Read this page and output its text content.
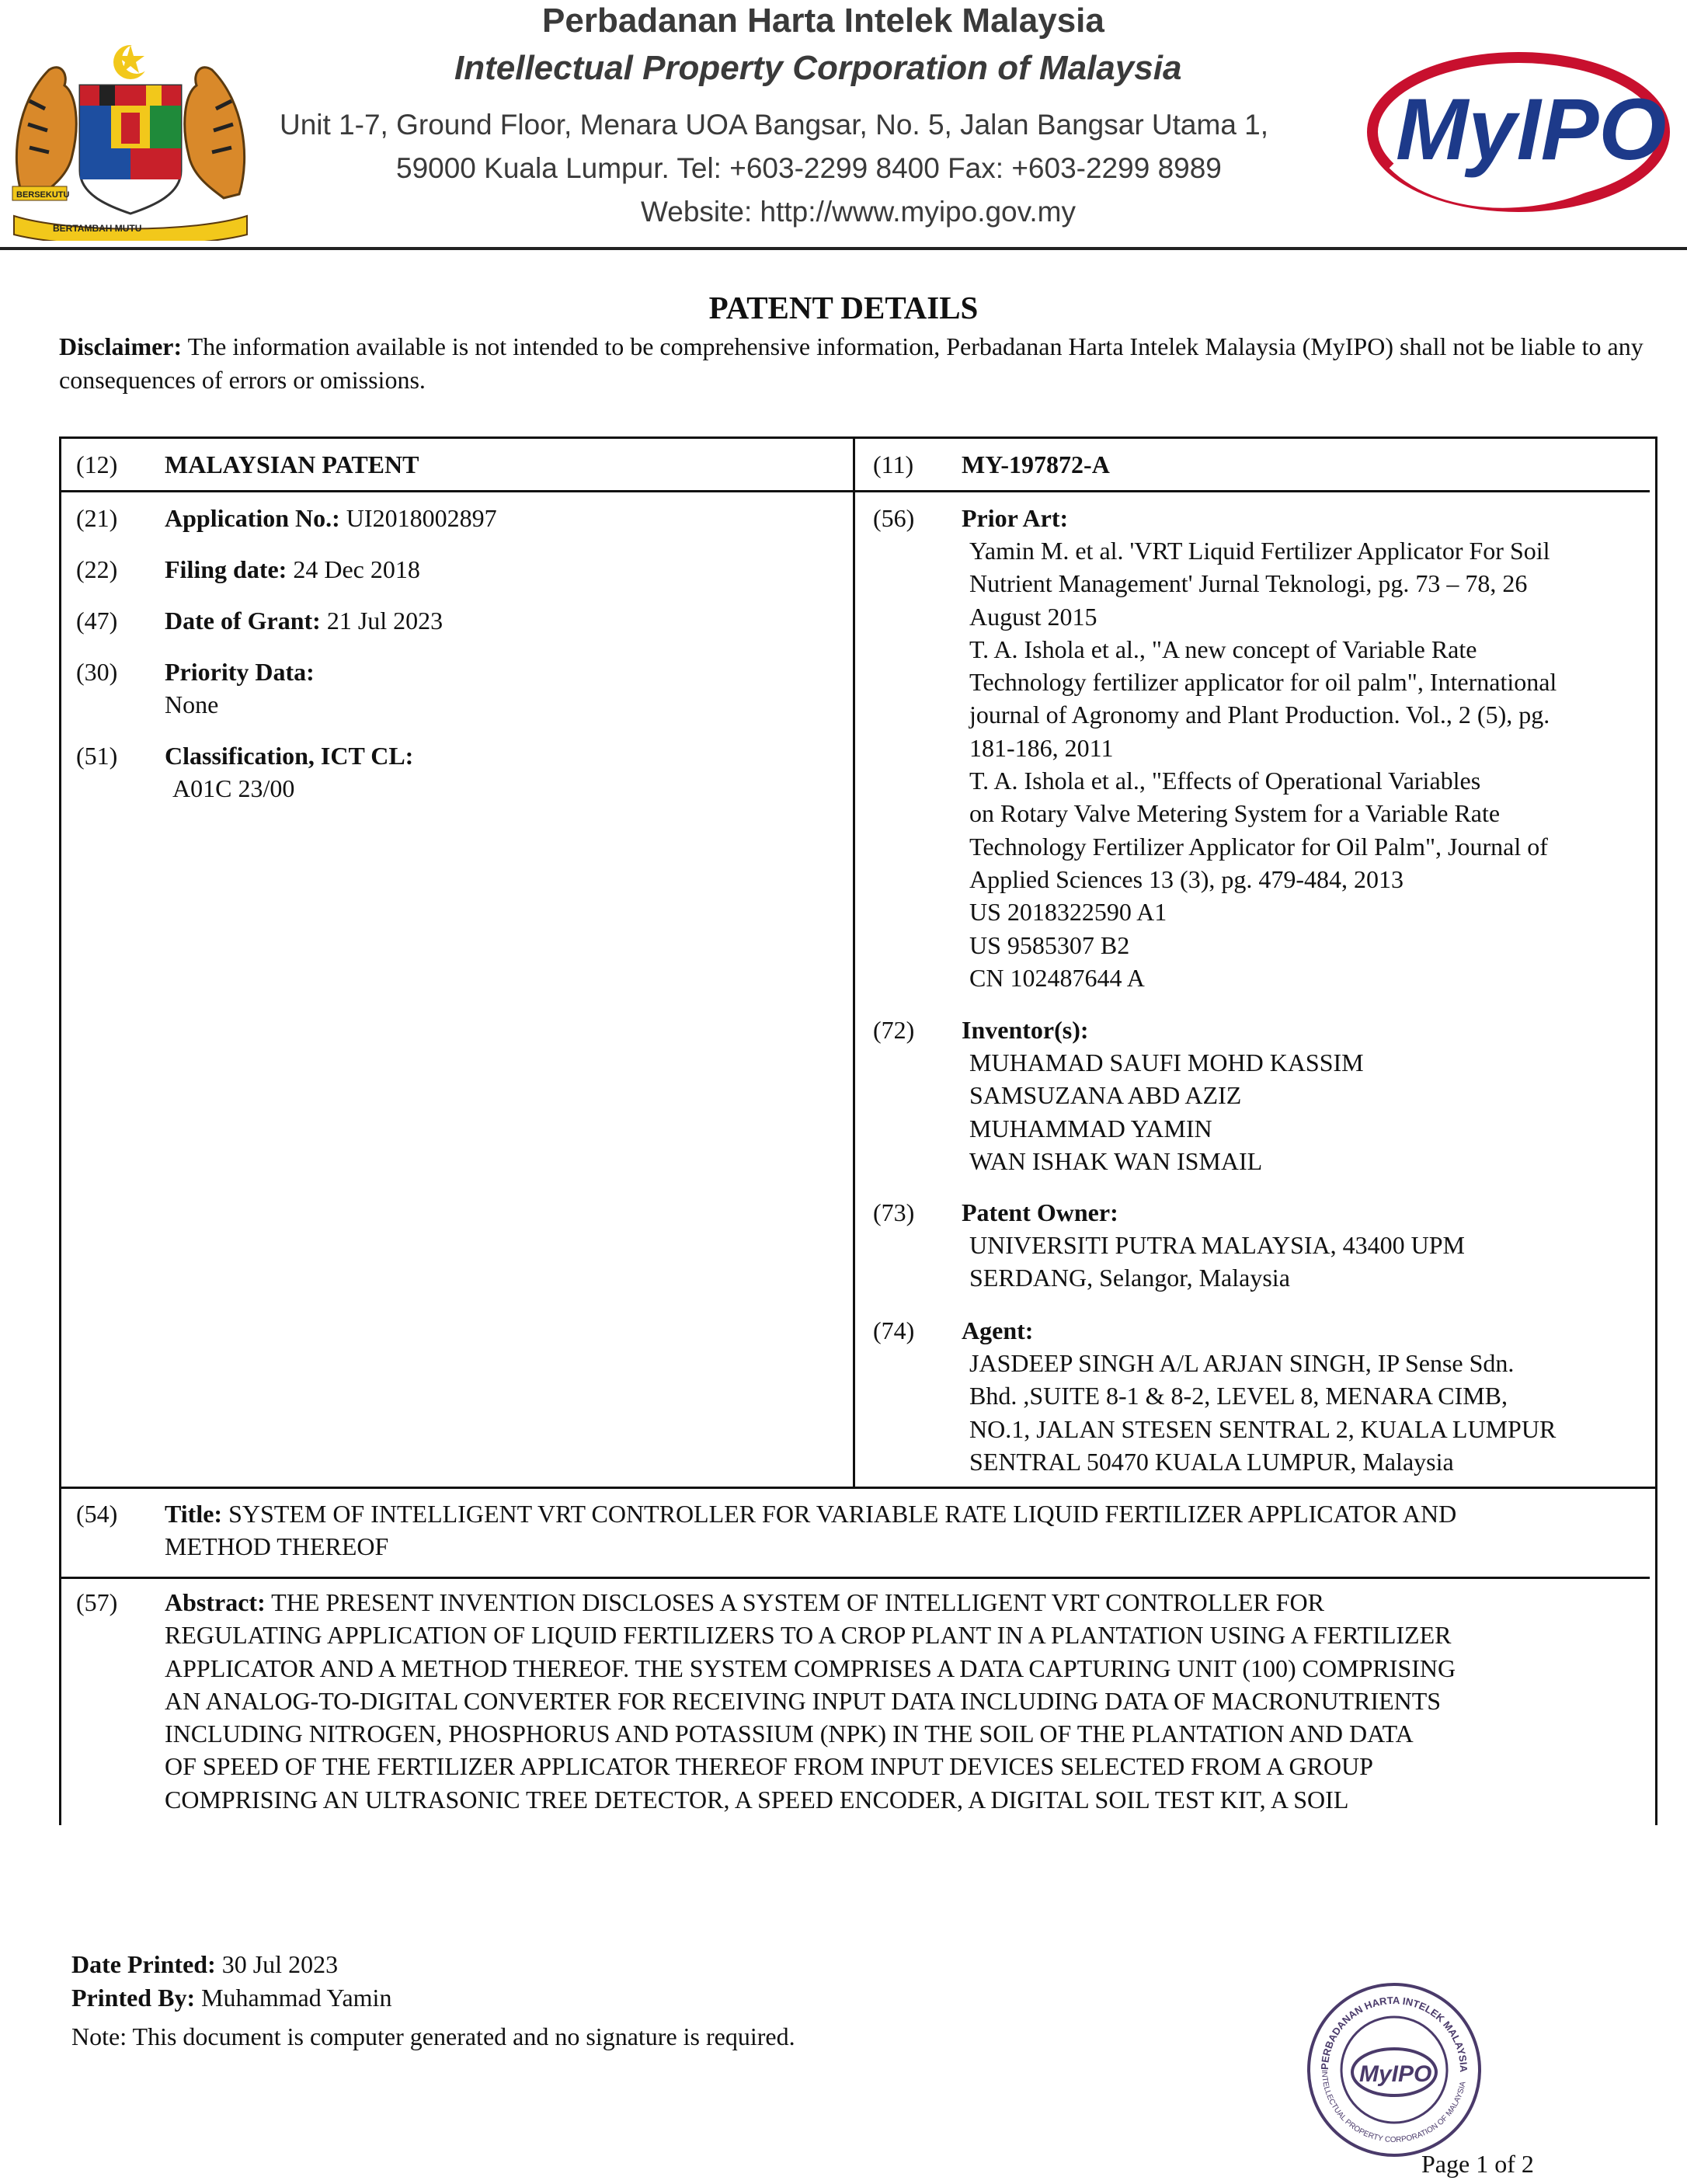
BERTAMBAH MUTU
BERSEKUTU
Perbadanan Harta Intelek Malaysia
Intellectual Property Corporation of Malaysia
Unit 1-7, Ground Floor, Menara UOA Bangsar, No. 5, Jalan Bangsar Utama 1,
59000 Kuala Lumpur. Tel: +603-2299 8400 Fax: +603-2299 8989
Website: http://www.myipo.gov.my
MyIPO
PATENT DETAILS
Disclaimer: The information available is not intended to be comprehensive information, Perbadanan Harta Intelek Malaysia (MyIPO) shall not be liable to any consequences of errors or omissions.
(12) MALAYSIAN PATENT	(11) MY-197872-A
(21) Application No.: UI2018002897
(22) Filing date: 24 Dec 2018
(47) Date of Grant: 21 Jul 2023
(30) Priority Data:
None
(51) Classification, ICT CL:
A01C 23/00
(56) Prior Art:
Yamin M. et al. 'VRT Liquid Fertilizer Applicator For Soil
Nutrient Management' Jurnal Teknologi, pg. 73 – 78, 26
August 2015
T. A. Ishola et al., "A new concept of Variable Rate
Technology fertilizer applicator for oil palm", International
journal of Agronomy and Plant Production. Vol., 2 (5), pg.
181-186, 2011
T. A. Ishola et al., "Effects of Operational Variables
on Rotary Valve Metering System for a Variable Rate
Technology Fertilizer Applicator for Oil Palm", Journal of
Applied Sciences 13 (3), pg. 479-484, 2013
US 2018322590 A1
US 9585307 B2
CN 102487644 A
(72) Inventor(s):
MUHAMAD SAUFI MOHD KASSIM
SAMSUZANA ABD AZIZ
MUHAMMAD YAMIN
WAN ISHAK WAN ISMAIL
(73) Patent Owner:
UNIVERSITI PUTRA MALAYSIA, 43400 UPM
SERDANG, Selangor, Malaysia
(74) Agent:
JASDEEP SINGH A/L ARJAN SINGH, IP Sense Sdn.
Bhd. ,SUITE 8-1 & 8-2, LEVEL 8, MENARA CIMB,
NO.1, JALAN STESEN SENTRAL 2, KUALA LUMPUR
SENTRAL 50470 KUALA LUMPUR, Malaysia
(54) Title: SYSTEM OF INTELLIGENT VRT CONTROLLER FOR VARIABLE RATE LIQUID FERTILIZER APPLICATOR AND
METHOD THEREOF
(57) Abstract: THE PRESENT INVENTION DISCLOSES A SYSTEM OF INTELLIGENT VRT CONTROLLER FOR
REGULATING APPLICATION OF LIQUID FERTILIZERS TO A CROP PLANT IN A PLANTATION USING A FERTILIZER
APPLICATOR AND A METHOD THEREOF. THE SYSTEM COMPRISES A DATA CAPTURING UNIT (100) COMPRISING
AN ANALOG-TO-DIGITAL CONVERTER FOR RECEIVING INPUT DATA INCLUDING DATA OF MACRONUTRIENTS
INCLUDING NITROGEN, PHOSPHORUS AND POTASSIUM (NPK) IN THE SOIL OF THE PLANTATION AND DATA
OF SPEED OF THE FERTILIZER APPLICATOR THEREOF FROM INPUT DEVICES SELECTED FROM A GROUP
COMPRISING AN ULTRASONIC TREE DETECTOR, A SPEED ENCODER, A DIGITAL SOIL TEST KIT, A SOIL
Date Printed: 30 Jul 2023
Printed By: Muhammad Yamin
Note: This document is computer generated and no signature is required.
PERBADANAN HARTA INTELEK MALAYSIA
INTELLECTUAL PROPERTY CORPORATION OF MALAYSIA
MyIPO
Page 1 of 2
